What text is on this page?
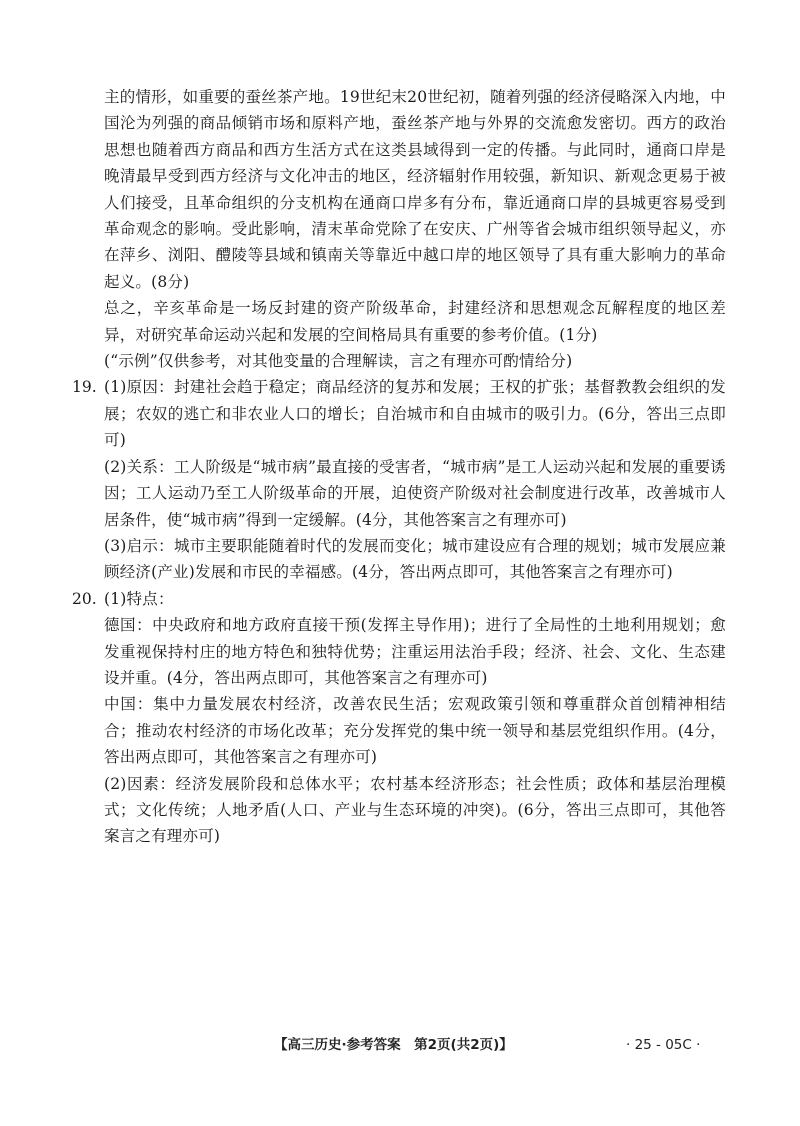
主的情形，如重要的蚕丝茶产地。19世纪末20世纪初，随着列强的经济侵略深入内地，中国沦为列强的商品倾销市场和原料产地，蚕丝茶产地与外界的交流愈发密切。西方的政治思想也随着西方商品和西方生活方式在这类县域得到一定的传播。与此同时，通商口岸是晚清最早受到西方经济与文化冲击的地区，经济辐射作用较强，新知识、新观念更易于被人们接受，且革命组织的分支机构在通商口岸多有分布，靠近通商口岸的县城更容易受到革命观念的影响。受此影响，清末革命党除了在安庆、广州等省会城市组织领导起义，亦在萍乡、浏阳、醴陵等县域和镇南关等靠近中越口岸的地区领导了具有重大影响力的革命起义。(8分)

总之，辛亥革命是一场反封建的资产阶级革命，封建经济和思想观念瓦解程度的地区差异，对研究革命运动兴起和发展的空间格局具有重要的参考价值。(1分)

(“示例”仅供参考，对其他变量的合理解读，言之有理亦可酌情给分)

19. (1)原因：封建社会趋于稳定；商品经济的复苏和发展；王权的扩张；基督教教会组织的发展；农奴的逃亡和非农业人口的增长；自治城市和自由城市的吸引力。(6分，答出三点即可)

(2)关系：工人阶级是“城市病”最直接的受害者，“城市病”是工人运动兴起和发展的重要诱因；工人运动乃至工人阶级革命的开展，迫使资产阶级对社会制度进行改革，改善城市人居条件，使“城市病”得到一定缓解。(4分，其他答案言之有理亦可)

(3)启示：城市主要职能随着时代的发展而变化；城市建设应有合理的规划；城市发展应兼顾经济(产业)发展和市民的幸福感。(4分，答出两点即可，其他答案言之有理亦可)

20. (1)特点：

德国：中央政府和地方政府直接干预(发挥主导作用)；进行了全局性的土地利用规划；愈发重视保持村庄的地方特色和独特优势；注重运用法治手段；经济、社会、文化、生态建设并重。(4分，答出两点即可，其他答案言之有理亦可)

中国：集中力量发展农村经济，改善农民生活；宏观政策引领和尊重群众首创精神相结合；推动农村经济的市场化改革；充分发挥党的集中统一领导和基层党组织作用。(4分，答出两点即可，其他答案言之有理亦可)

(2)因素：经济发展阶段和总体水平；农村基本经济形态；社会性质；政体和基层治理模式；文化传统；人地矛盾(人口、产业与生态环境的冲突)。(6分，答出三点即可，其他答案言之有理亦可)

【高三历史·参考答案　第2页(共2页)】	· 25 - 05C ·
